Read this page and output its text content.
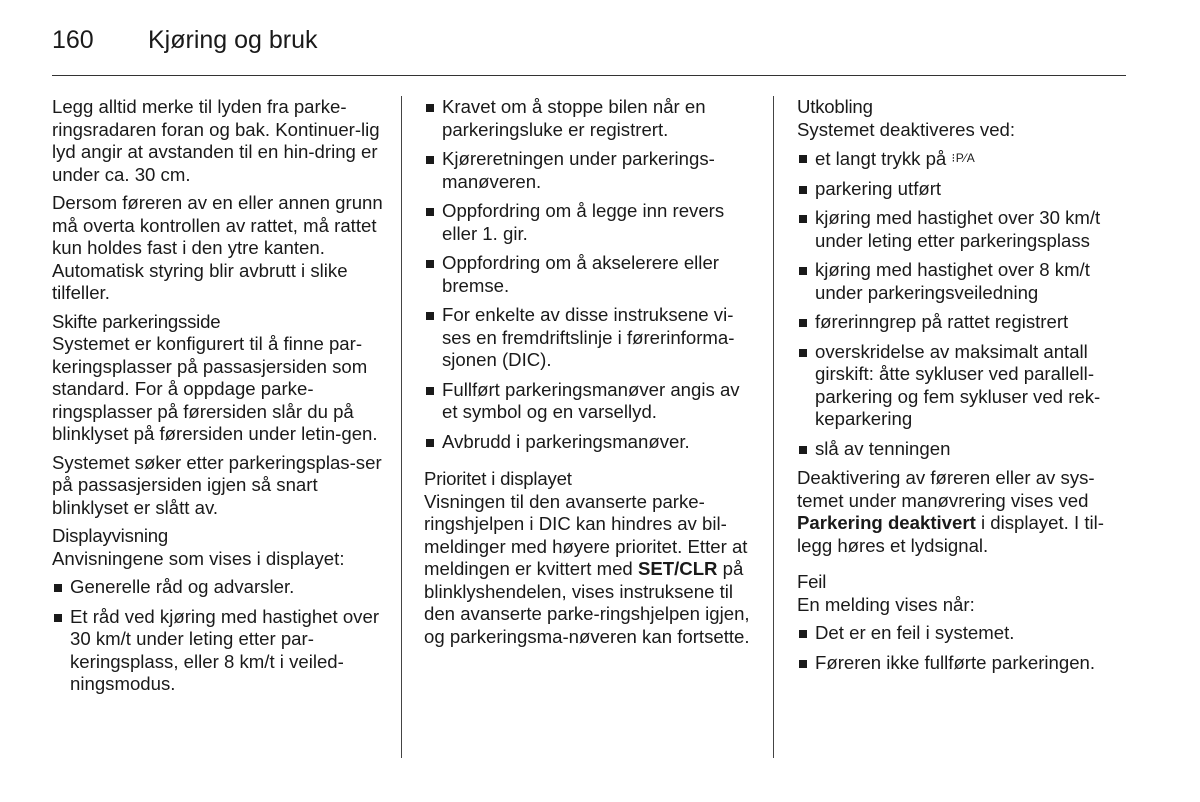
160 Kjøring og bruk

Legg alltid merke til lyden fra parke-ringsradaren foran og bak. Kontinuer-lig lyd angir at avstanden til en hin-dring er under ca. 30 cm.

Dersom føreren av en eller annen grunn må overta kontrollen av rattet, må rattet kun holdes fast i den ytre kanten. Automatisk styring blir avbrutt i slike tilfeller.

Skifte parkeringsside

Systemet er konfigurert til å finne par-keringsplasser på passasjersiden som standard. For å oppdage parke-ringsplasser på førersiden slår du på blinklyset på førersiden under letin-gen.

Systemet søker etter parkeringsplas-ser på passasjersiden igjen så snart blinklyset er slått av.

Displayvisning

Anvisningene som vises i displayet:

Generelle råd og advarsler.
Et råd ved kjøring med hastighet over 30 km/t under leting etter par-keringsplass, eller 8 km/t i veiled-ningsmodus.
Kravet om å stoppe bilen når en parkeringsluke er registrert.
Kjøreretningen under parkerings-manøveren.
Oppfordring om å legge inn revers eller 1. gir.
Oppfordring om å akselerere eller bremse.
For enkelte av disse instruksene vi-ses en fremdriftslinje i førerinforma-sjonen (DIC).
Fullført parkeringsmanøver angis av et symbol og en varsellyd.
Avbrudd i parkeringsmanøver.
Prioritet i displayet

Visningen til den avanserte parke-ringshjelpen i DIC kan hindres av bil-meldinger med høyere prioritet. Etter at meldingen er kvittert med SET/CLR på blinklyshendelen, vises instruksene til den avanserte parke-ringshjelpen igjen, og parkeringsma-nøveren kan fortsette.

Utkobling

Systemet deaktiveres ved:

et langt trykk på ⁝P⁄A
parkering utført
kjøring med hastighet over 30 km/t under leting etter parkeringsplass
kjøring med hastighet over 8 km/t under parkeringsveiledning
førerinngrep på rattet registrert
overskridelse av maksimalt antall girskift: åtte sykluser ved parallell-parkering og fem sykluser ved rek-keparkering
slå av tenningen

Deaktivering av føreren eller av sys-temet under manøvrering vises ved Parkering deaktivert i displayet. I til-legg høres et lydsignal.

Feil

En melding vises når:

Det er en feil i systemet.
Føreren ikke fullførte parkeringen.
